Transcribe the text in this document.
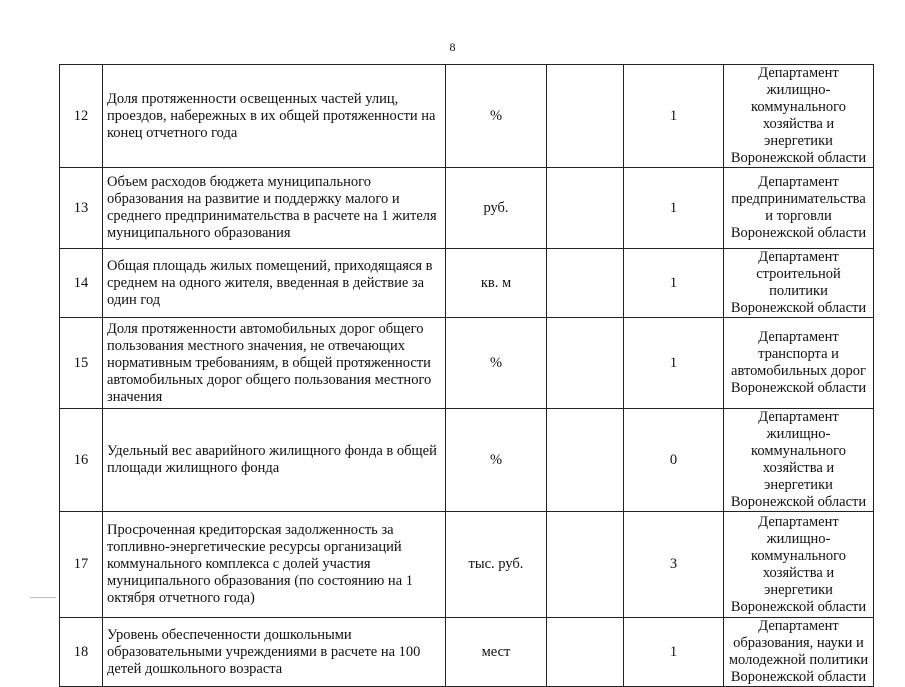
8
12	Доля протяженности освещенных частей улиц, проездов, набережных в их общей протяженности на конец отчетного года	%		1	Департамент жилищно-коммунального хозяйства и энергетики Воронежской области
13	Объем расходов бюджета муниципального образования на развитие и поддержку малого и среднего предпринимательства в расчете на 1 жителя муниципального образования	руб.		1	Департамент предпринимательства и торговли Воронежской области
14	Общая площадь жилых помещений, приходящаяся в среднем на одного жителя, введенная в действие за один год	кв. м		1	Департамент строительной политики Воронежской области
15	Доля протяженности автомобильных дорог общего пользования местного значения, не отвечающих нормативным требованиям, в общей протяженности автомобильных дорог общего пользования местного значения	%		1	Департамент транспорта и автомобильных дорог Воронежской области
16	Удельный вес аварийного жилищного фонда в общей площади жилищного фонда	%		0	Департамент жилищно-коммунального хозяйства и энергетики Воронежской области
17	Просроченная кредиторская задолженность за топливно-энергетические ресурсы организаций коммунального комплекса с долей участия муниципального образования (по состоянию на 1 октября отчетного года)	тыс. руб.		3	Департамент жилищно-коммунального хозяйства и энергетики Воронежской области
18	Уровень обеспеченности дошкольными образовательными учреждениями в расчете на 100 детей дошкольного возраста	мест		1	Департамент образования, науки и молодежной политики Воронежской области
